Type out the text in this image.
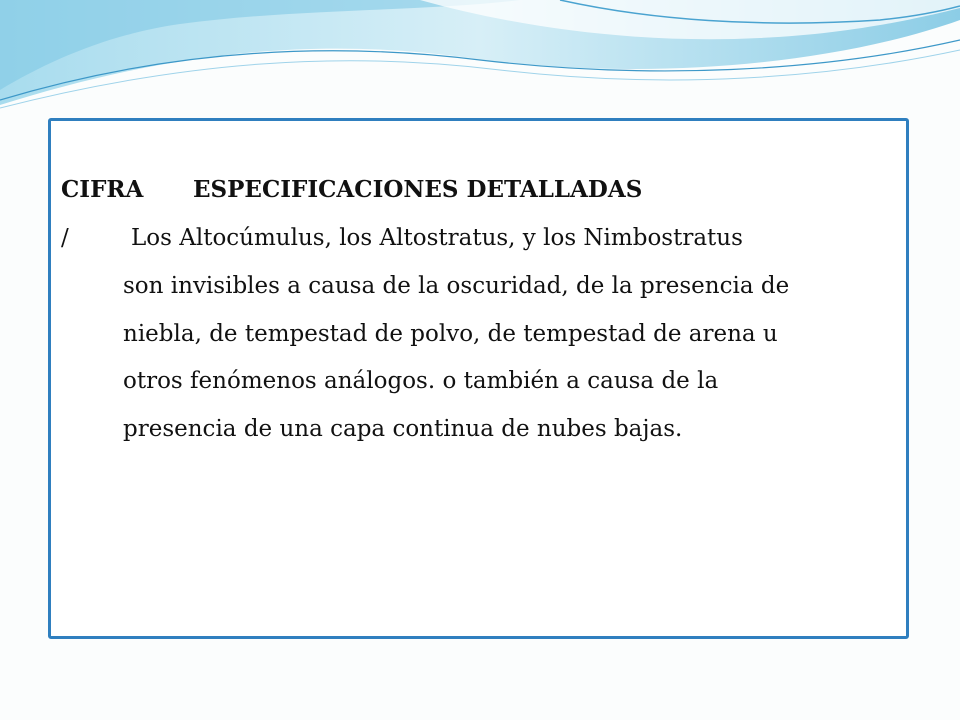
CIFRA ESPECIFICACIONES DETALLADAS
/	Los Altocúmulus, los Altostratus, y los Nimbostratus
son invisibles a causa de la oscuridad, de la presencia de
niebla, de tempestad de polvo, de tempestad de arena u
otros fenómenos análogos. o también a causa de la
presencia de una capa continua de nubes bajas.
